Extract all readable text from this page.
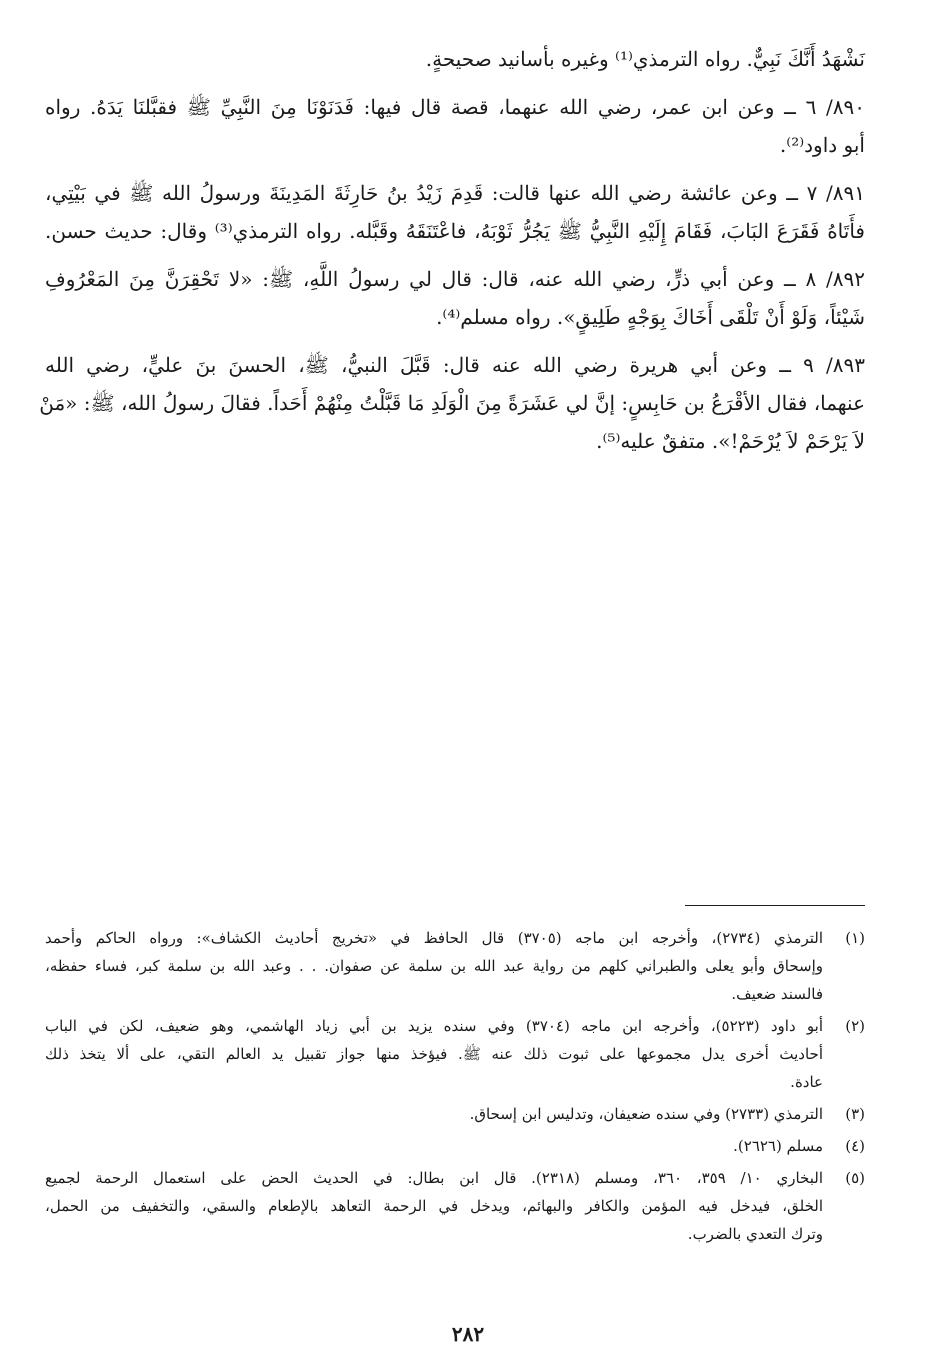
نَشْهَدُ أَنَّكَ نَبِيٌّ. رواه الترمذي⁽¹⁾ وغيره بأسانيد صحيحةٍ.
٨٩٠/ ٦ ــ وعن ابن عمر، رضي الله عنهما، قصة قال فيها: فَدَنَوْنَا مِنَ النَّبِيِّ ﷺ فقبَّلنَا يَدَهُ. رواه
أبو داود⁽²⁾.
٨٩١/ ٧ ــ وعن عائشة رضي الله عنها قالت: قَدِمَ زَيْدُ بنُ حَارِثَةَ المَدِينَةَ ورسولُ الله ﷺ في بَيْتِي،
فأَتَاهُ فَقَرَعَ البَابَ، فَقَامَ إِلَيْهِ النَّبِيُّ ﷺ يَجُرُّ ثَوْبَهُ، فاعْتَنَقَهُ وقَبَّله. رواه الترمذي⁽³⁾ وقال: حديث حسن.
٨٩٢/ ٨ ــ وعن أبي ذرٍّ، رضي الله عنه، قال: قال لي رسولُ اللَّهِ، ﷺ: «لا تَحْقِرَنَّ مِنَ المَعْرُوفِ
شَيْئاً، وَلَوْ أَنْ تَلْقَى أَخَاكَ بِوَجْهٍ طَلِيقٍ». رواه مسلم⁽⁴⁾.
٨٩٣/ ٩ ــ وعن أبي هريرة رضي الله عنه قال: قَبَّلَ النبيُّ، ﷺ، الحسنَ بنَ عليٍّ، رضي الله
عنهما، فقال الأقْرَعُ بن حَابِسٍ: إنَّ لي عَشَرَةً مِنَ الْوَلَدِ مَا قَبَّلْتُ مِنْهُمْ أَحَداً. فقالَ رسولُ الله، ﷺ: «مَنْ
لاَ يَرْحَمْ لاَ يُرْحَمْ!». متفقٌ عليه⁽⁵⁾.
(١)
الترمذي (٢٧٣٤)، وأخرجه ابن ماجه (٣٧٠٥) قال الحافظ في «تخريج أحاديث الكشاف»: ورواه الحاكم وأحمد
وإسحاق وأبو يعلى والطبراني كلهم من رواية عبد الله بن سلمة عن صفوان. . . وعبد الله بن سلمة كبر، فساء حفظه،
فالسند ضعيف.
(٢)
أبو داود (٥٢٢٣)، وأخرجه ابن ماجه (٣٧٠٤) وفي سنده يزيد بن أبي زياد الهاشمي، وهو ضعيف، لكن في الباب
أحاديث أخرى يدل مجموعها على ثبوت ذلك عنه ﷺ. فيؤخذ منها جواز تقبيل يد العالم التقي، على ألا يتخذ ذلك
عادة.
(٣)
الترمذي (٢٧٣٣) وفي سنده ضعيفان، وتدليس ابن إسحاق.
(٤)
مسلم (٢٦٢٦).
(٥)
البخاري ١٠/ ٣٥٩، ٣٦٠، ومسلم (٢٣١٨). قال ابن بطال: في الحديث الحض على استعمال الرحمة لجميع
الخلق، فيدخل فيه المؤمن والكافر والبهائم، ويدخل في الرحمة التعاهد بالإطعام والسقي، والتخفيف من الحمل،
وترك التعدي بالضرب.
٢٨٢
